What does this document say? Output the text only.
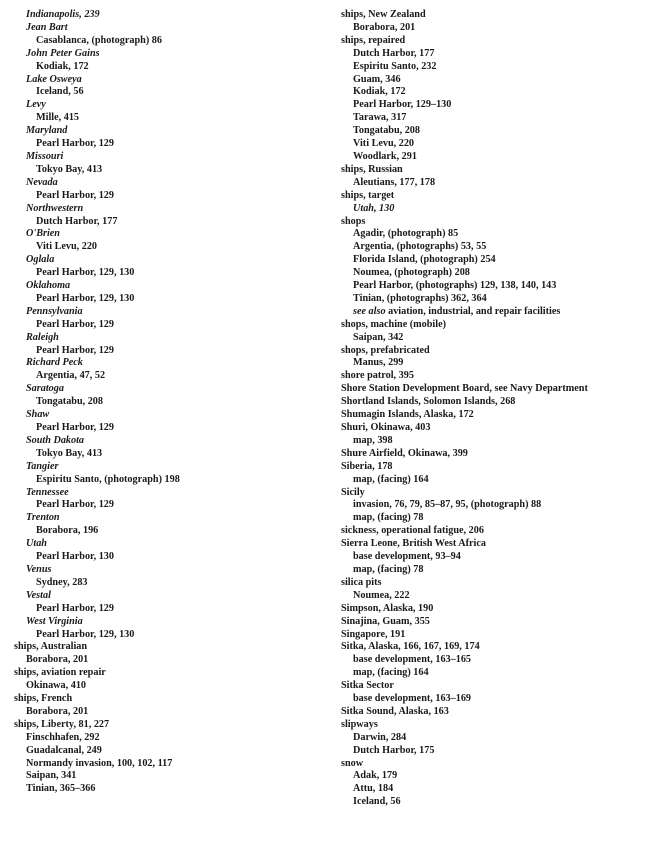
Indianapolis, 239
Jean Bart
Casablanca, (photograph) 86
John Peter Gains
Kodiak, 172
Lake Osweya
Iceland, 56
Levy
Mille, 415
Maryland
Pearl Harbor, 129
Missouri
Tokyo Bay, 413
Nevada
Pearl Harbor, 129
Northwestern
Dutch Harbor, 177
O'Brien
Viti Levu, 220
Oglala
Pearl Harbor, 129, 130
Oklahoma
Pearl Harbor, 129, 130
Pennsylvania
Pearl Harbor, 129
Raleigh
Pearl Harbor, 129
Richard Peck
Argentia, 47, 52
Saratoga
Tongatabu, 208
Shaw
Pearl Harbor, 129
South Dakota
Tokyo Bay, 413
Tangier
Espiritu Santo, (photograph) 198
Tennessee
Pearl Harbor, 129
Trenton
Borabora, 196
Utah
Pearl Harbor, 130
Venus
Sydney, 283
Vestal
Pearl Harbor, 129
West Virginia
Pearl Harbor, 129, 130
ships, Australian
Borabora, 201
ships, aviation repair
Okinawa, 410
ships, French
Borabora, 201
ships, Liberty, 81, 227
Finschhafen, 292
Guadalcanal, 249
Normandy invasion, 100, 102, 117
Saipan, 341
Tinian, 365–366
ships, New Zealand
Borabora, 201
ships, repaired
Dutch Harbor, 177
Espiritu Santo, 232
Guam, 346
Kodiak, 172
Pearl Harbor, 129–130
Tarawa, 317
Tongatabu, 208
Viti Levu, 220
Woodlark, 291
ships, Russian
Aleutians, 177, 178
ships, target
Utah, 130
shops
Agadir, (photograph) 85
Argentia, (photographs) 53, 55
Florida Island, (photograph) 254
Noumea, (photograph) 208
Pearl Harbor, (photographs) 129, 138, 140, 143
Tinian, (photographs) 362, 364
see also aviation, industrial, and repair facilities
shops, machine (mobile)
Saipan, 342
shops, prefabricated
Manus, 299
shore patrol, 395
Shore Station Development Board, see Navy Department
Shortland Islands, Solomon Islands, 268
Shumagin Islands, Alaska, 172
Shuri, Okinawa, 403
map, 398
Shure Airfield, Okinawa, 399
Siberia, 178
map, (facing) 164
Sicily
invasion, 76, 79, 85–87, 95, (photograph) 88
map, (facing) 78
sickness, operational fatigue, 206
Sierra Leone, British West Africa
base development, 93–94
map, (facing) 78
silica pits
Noumea, 222
Simpson, Alaska, 190
Sinajina, Guam, 355
Singapore, 191
Sitka, Alaska, 166, 167, 169, 174
base development, 163–165
map, (facing) 164
Sitka Sector
base development, 163–169
Sitka Sound, Alaska, 163
slipways
Darwin, 284
Dutch Harbor, 175
snow
Adak, 179
Attu, 184
Iceland, 56
